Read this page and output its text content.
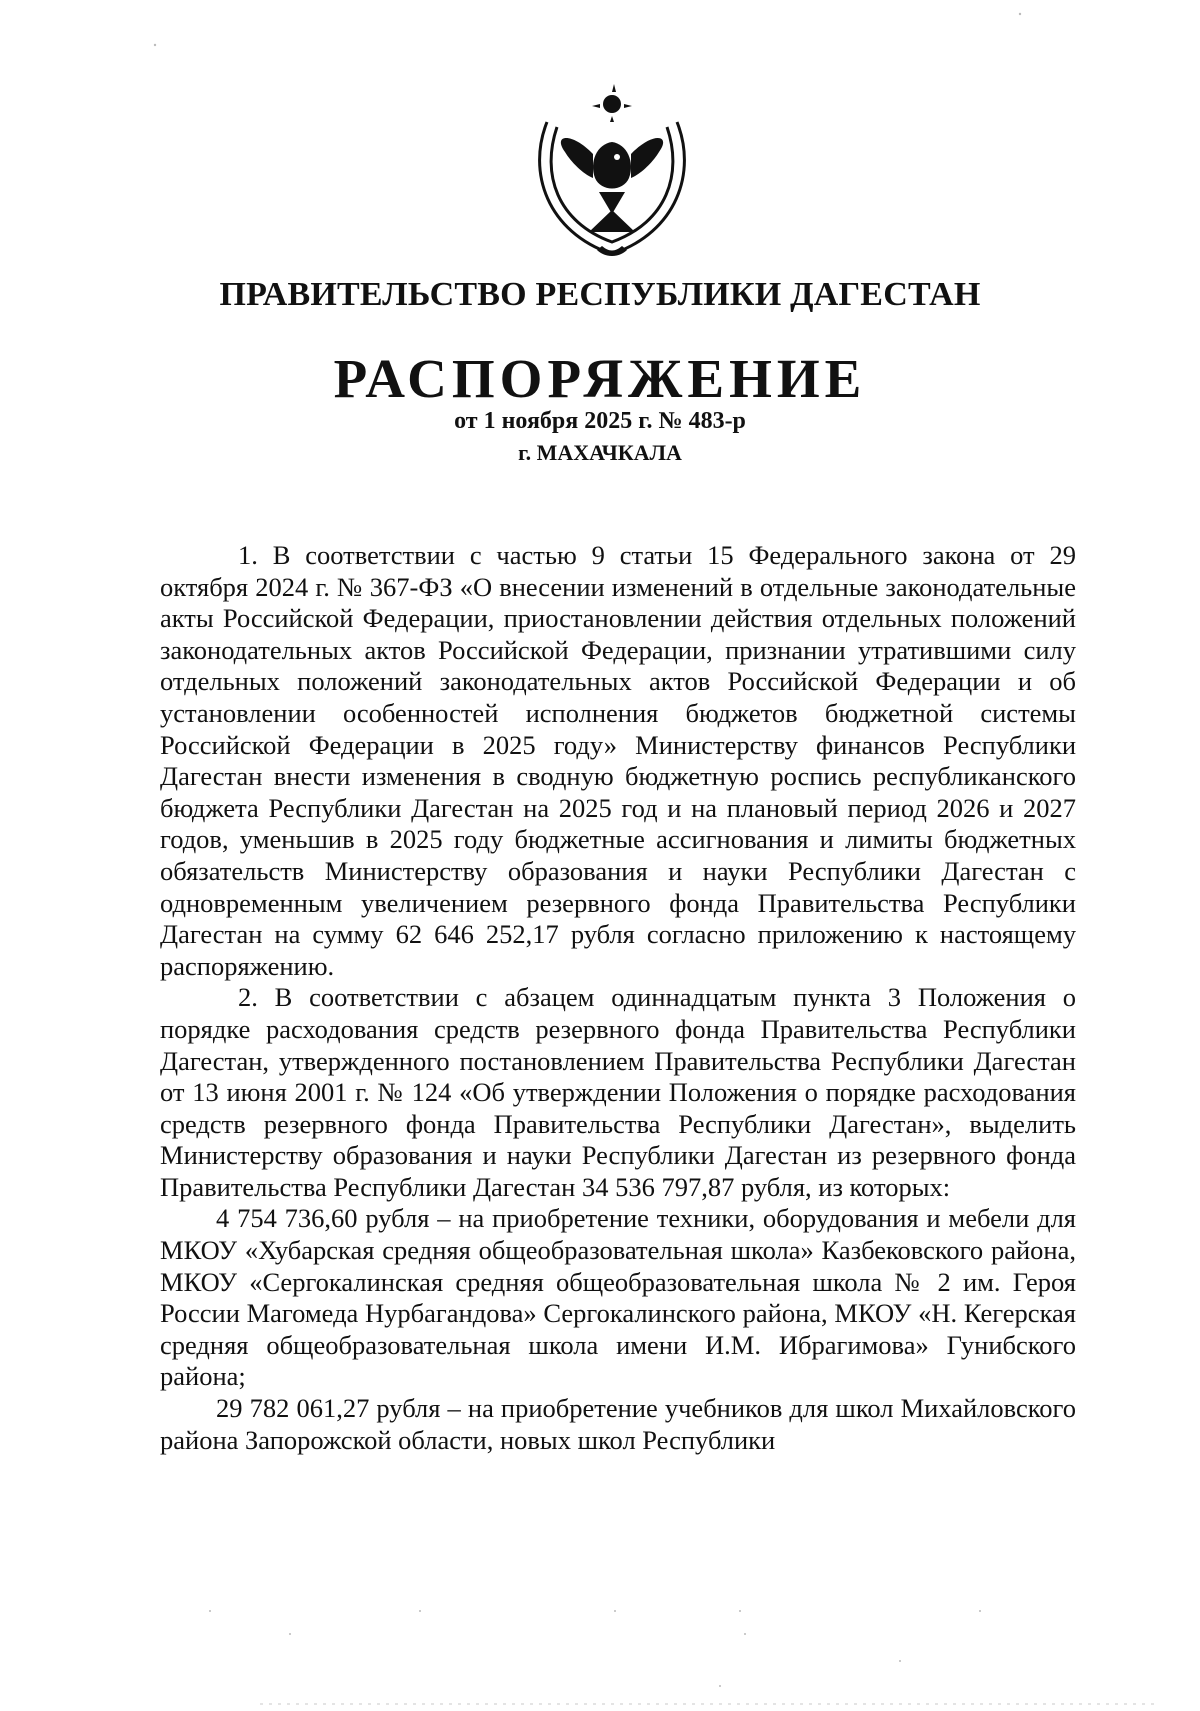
ПРАВИТЕЛЬСТВО РЕСПУБЛИКИ ДАГЕСТАН
РАСПОРЯЖЕНИЕ
от 1 ноября 2025 г. № 483-р
г. МАХАЧКАЛА

1. В соответствии с частью 9 статьи 15 Федерального закона от 29 октября 2024 г. № 367-ФЗ «О внесении изменений в отдельные законодательные акты Российской Федерации, приостановлении действия отдельных положений законодательных актов Российской Федерации, признании утратившими силу отдельных положений законодательных актов Российской Федерации и об установлении особенностей исполнения бюджетов бюджетной системы Российской Федерации в 2025 году» Министерству финансов Республики Дагестан внести изменения в сводную бюджетную роспись республиканского бюджета Республики Дагестан на 2025 год и на плановый период 2026 и 2027 годов, уменьшив в 2025 году бюджетные ассигнования и лимиты бюджетных обязательств Министерству образования и науки Республики Дагестан с одновременным увеличением резервного фонда Правительства Республики Дагестан на сумму 62 646 252,17 рубля согласно приложению к настоящему распоряжению.

2. В соответствии с абзацем одиннадцатым пункта 3 Положения о порядке расходования средств резервного фонда Правительства Республики Дагестан, утвержденного постановлением Правительства Республики Дагестан от 13 июня 2001 г. № 124 «Об утверждении Положения о порядке расходования средств резервного фонда Правительства Республики Дагестан», выделить Министерству образования и науки Республики Дагестан из резервного фонда Правительства Республики Дагестан 34 536 797,87 рубля, из которых:

4 754 736,60 рубля – на приобретение техники, оборудования и мебели для МКОУ «Хубарская средняя общеобразовательная школа» Казбековского района, МКОУ «Сергокалинская средняя общеобразовательная школа № 2 им. Героя России Магомеда Нурбагандова» Сергокалинского района, МКОУ «Н. Кегерская средняя общеобразовательная школа имени И.М. Ибрагимова» Гунибского района;

29 782 061,27 рубля – на приобретение учебников для школ Михайловского района Запорожской области, новых школ Республики
